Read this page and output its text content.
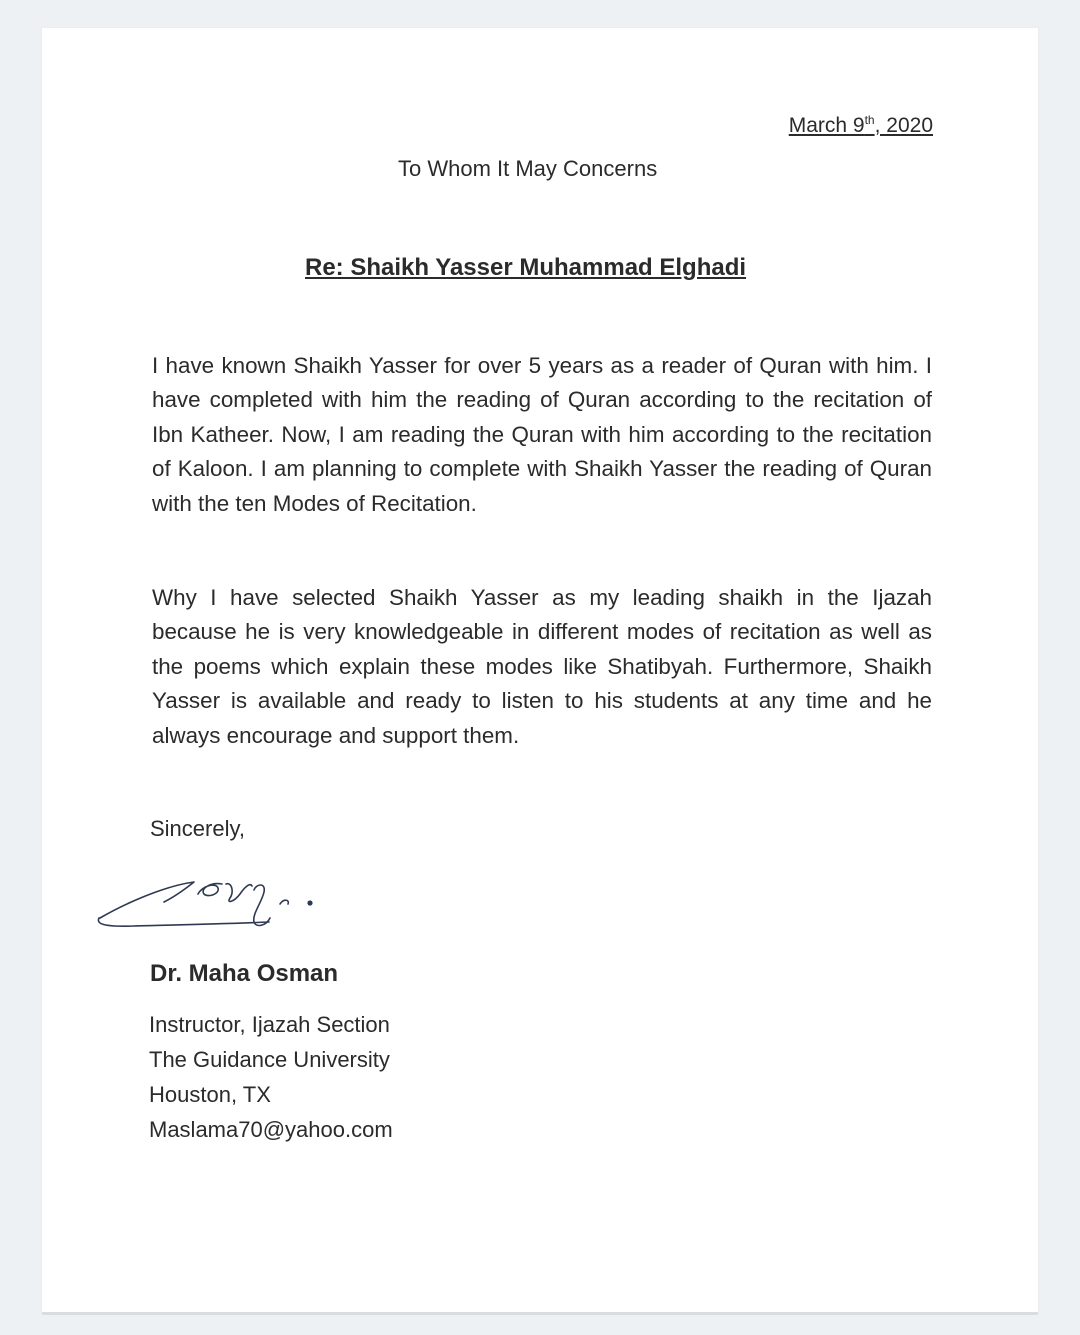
March 9th, 2020
To Whom It May Concerns
Re: Shaikh Yasser Muhammad Elghadi

I have known Shaikh Yasser for over 5 years as a reader of Quran with him. I have completed with him the reading of Quran according to the recitation of Ibn Katheer. Now, I am reading the Quran with him according to the recitation of Kaloon. I am planning to complete with Shaikh Yasser the reading of Quran with the ten Modes of Recitation.

Why I have selected Shaikh Yasser as my leading shaikh in the Ijazah because he is very knowledgeable in different modes of recitation as well as the poems which explain these modes like Shatibyah. Furthermore, Shaikh Yasser is available and ready to listen to his students at any time and he always encourage and support them.

Sincerely,
Dr. Maha Osman
Instructor, Ijazah Section
The Guidance University
Houston, TX
Maslama70@yahoo.com
